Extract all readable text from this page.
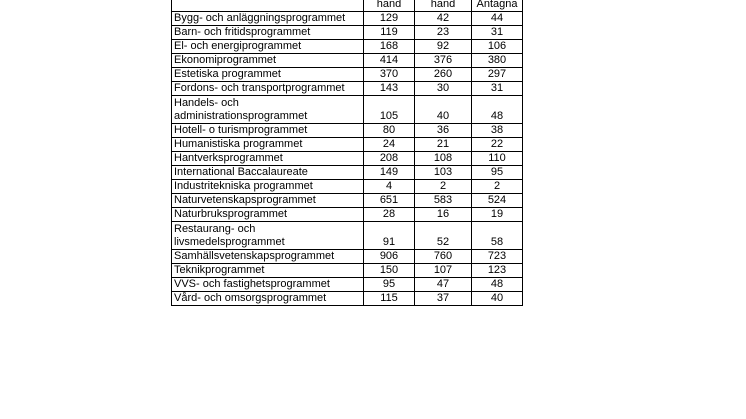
	hand	hand	Antagna

Bygg- och anläggningsprogrammet	129	42	44

Barn- och fritidsprogrammet	119	23	31

El- och energiprogrammet	168	92	106

Ekonomiprogrammet	414	376	380

Estetiska programmet	370	260	297

Fordons- och transportprogrammet	143	30	31

Handels- och
administrationsprogrammet	105	40	48

Hotell- o turismprogrammet	80	36	38

Humanistiska programmet	24	21	22

Hantverksprogrammet	208	108	110

International Baccalaureate	149	103	95

Industritekniska programmet	4	2	2

Naturvetenskapsprogrammet	651	583	524

Naturbruksprogrammet	28	16	19

Restaurang- och
livsmedelsprogrammet	91	52	58

Samhällsvetenskapsprogrammet	906	760	723

Teknikprogrammet	150	107	123

VVS- och fastighetsprogrammet	95	47	48

Vård- och omsorgsprogrammet	115	37	40
